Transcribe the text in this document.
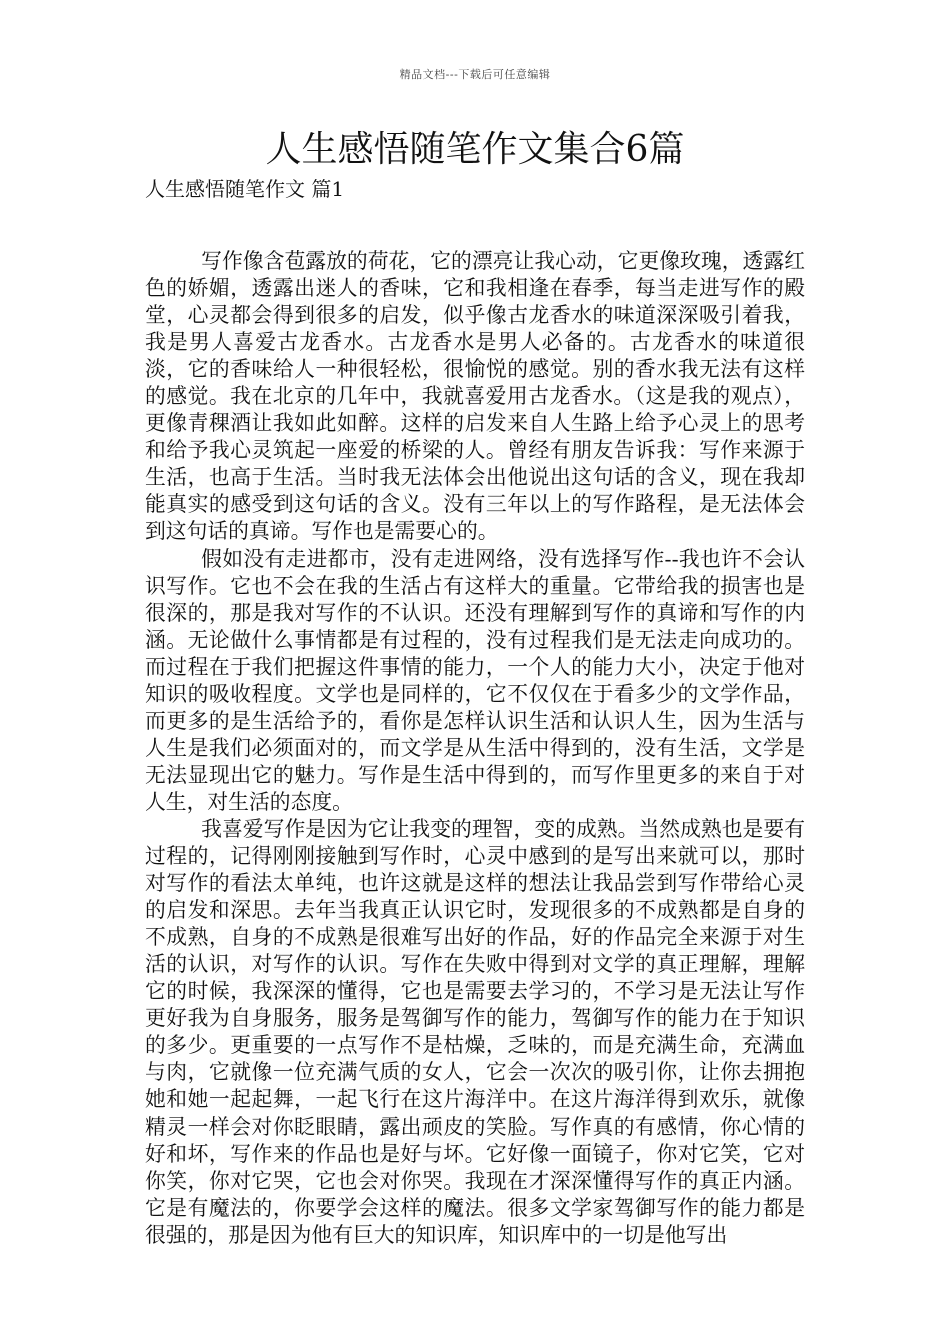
精品文档---下载后可任意编辑
人生感悟随笔作文集合6篇
人生感悟随笔作文 篇1

写作像含苞露放的荷花，它的漂亮让我心动，它更像玫瑰，透露红色的娇媚，透露出迷人的香味，它和我相逢在春季，每当走进写作的殿堂，心灵都会得到很多的启发，似乎像古龙香水的味道深深吸引着我，我是男人喜爱古龙香水。古龙香水是男人必备的。古龙香水的味道很淡，它的香味给人一种很轻松，很愉悦的感觉。别的香水我无法有这样的感觉。我在北京的几年中，我就喜爱用古龙香水。（这是我的观点），更像青稞酒让我如此如醉。这样的启发来自人生路上给予心灵上的思考和给予我心灵筑起一座爱的桥梁的人。曾经有朋友告诉我：写作来源于生活，也高于生活。当时我无法体会出他说出这句话的含义，现在我却能真实的感受到这句话的含义。没有三年以上的写作路程，是无法体会到这句话的真谛。写作也是需要心的。

假如没有走进都市，没有走进网络，没有选择写作--我也许不会认识写作。它也不会在我的生活占有这样大的重量。它带给我的损害也是很深的，那是我对写作的不认识。还没有理解到写作的真谛和写作的内涵。无论做什么事情都是有过程的，没有过程我们是无法走向成功的。而过程在于我们把握这件事情的能力，一个人的能力大小，决定于他对知识的吸收程度。文学也是同样的，它不仅仅在于看多少的文学作品，而更多的是生活给予的，看你是怎样认识生活和认识人生，因为生活与人生是我们必须面对的，而文学是从生活中得到的，没有生活，文学是无法显现出它的魅力。写作是生活中得到的，而写作里更多的来自于对人生，对生活的态度。

我喜爱写作是因为它让我变的理智，变的成熟。当然成熟也是要有过程的，记得刚刚接触到写作时，心灵中感到的是写出来就可以，那时对写作的看法太单纯，也许这就是这样的想法让我品尝到写作带给心灵的启发和深思。去年当我真正认识它时，发现很多的不成熟都是自身的不成熟，自身的不成熟是很难写出好的作品，好的作品完全来源于对生活的认识，对写作的认识。写作在失败中得到对文学的真正理解，理解它的时候，我深深的懂得，它也是需要去学习的，不学习是无法让写作更好我为自身服务，服务是驾御写作的能力，驾御写作的能力在于知识的多少。更重要的一点写作不是枯燥，乏味的，而是充满生命，充满血与肉，它就像一位充满气质的女人，它会一次次的吸引你，让你去拥抱她和她一起起舞，一起飞行在这片海洋中。在这片海洋得到欢乐，就像精灵一样会对你眨眼睛，露出顽皮的笑脸。写作真的有感情，你心情的好和坏，写作来的作品也是好与坏。它好像一面镜子，你对它笑，它对你笑，你对它哭，它也会对你哭。我现在才深深懂得写作的真正内涵。它是有魔法的，你要学会这样的魔法。很多文学家驾御写作的能力都是很强的，那是因为他有巨大的知识库，知识库中的一切是他写出
